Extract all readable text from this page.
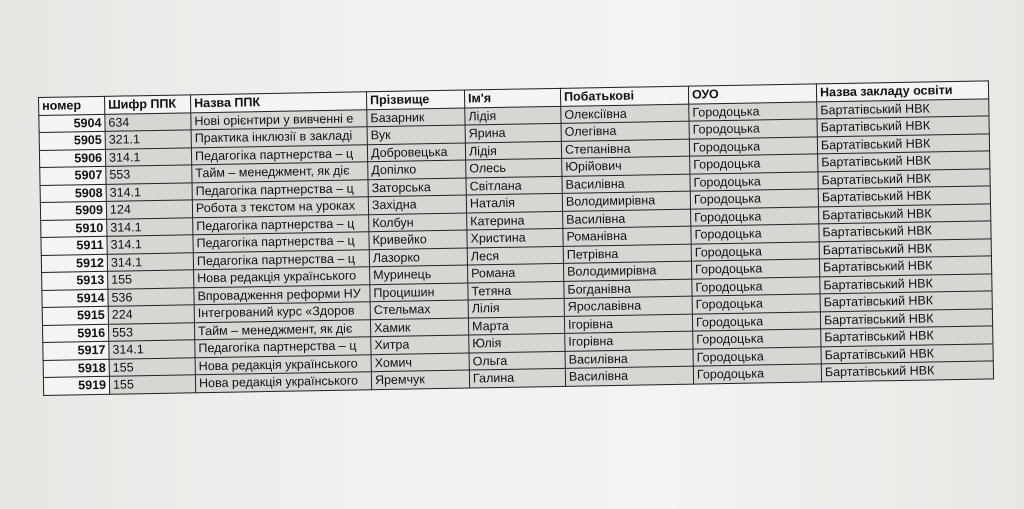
номер	Шифр ППК	Назва ППК	Прізвище	Ім'я	Побатькові	ОУО	Назва закладу освіти
5904	634	Нові орієнтири у вивченні е	Базарник	Лідія	Олексіївна	Городоцька	Бартатівський НВК
5905	321.1	Практика інклюзії в закладі	Вук	Ярина	Олегівна	Городоцька	Бартатівський НВК
5906	314.1	Педагогіка партнерства – ц	Добровецька	Лідія	Степанівна	Городоцька	Бартатівський НВК
5907	553	Тайм – менеджмент, як діє	Допілко	Олесь	Юрійович	Городоцька	Бартатівський НВК
5908	314.1	Педагогіка партнерства – ц	Заторська	Світлана	Василівна	Городоцька	Бартатівський НВК
5909	124	Робота з текстом на уроках	Західна	Наталія	Володимирівна	Городоцька	Бартатівський НВК
5910	314.1	Педагогіка партнерства – ц	Колбун	Катерина	Василівна	Городоцька	Бартатівський НВК
5911	314.1	Педагогіка партнерства – ц	Кривейко	Христина	Романівна	Городоцька	Бартатівський НВК
5912	314.1	Педагогіка партнерства – ц	Лазорко	Леся	Петрівна	Городоцька	Бартатівський НВК
5913	155	Нова редакція українського	Муринець	Романа	Володимирівна	Городоцька	Бартатівський НВК
5914	536	Впровадження реформи НУ	Процишин	Тетяна	Богданівна	Городоцька	Бартатівський НВК
5915	224	Інтегрований курс «Здоров	Стельмах	Лілія	Ярославівна	Городоцька	Бартатівський НВК
5916	553	Тайм – менеджмент, як діє	Хамик	Марта	Ігорівна	Городоцька	Бартатівський НВК
5917	314.1	Педагогіка партнерства – ц	Хитра	Юлія	Ігорівна	Городоцька	Бартатівський НВК
5918	155	Нова редакція українського	Хомич	Ольга	Василівна	Городоцька	Бартатівський НВК
5919	155	Нова редакція українського	Яремчук	Галина	Василівна	Городоцька	Бартатівський НВК
